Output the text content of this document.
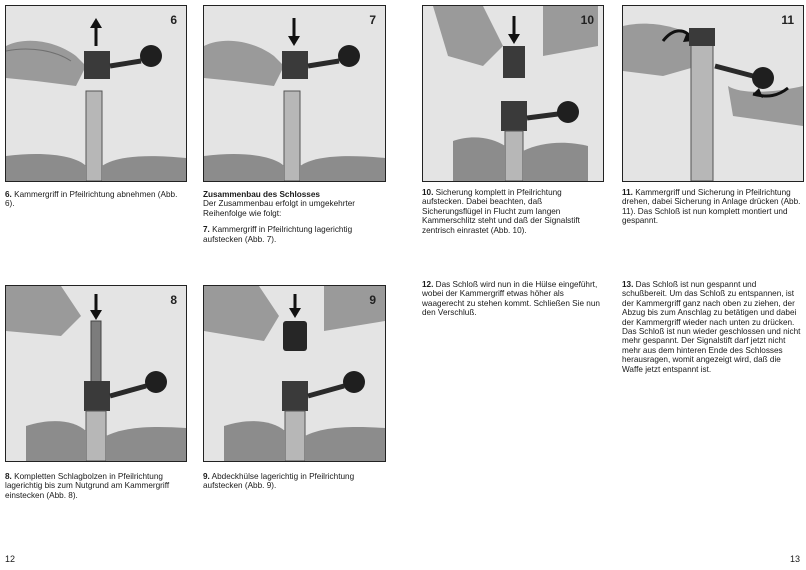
6	7	10	11
8	9
6. Kammergriff in Pfeilrichtung abnehmen (Abb. 6).

Zusammenbau des Schlosses

Der Zusammenbau erfolgt in umgekehrter Reihenfolge wie folgt:

7. Kammergriff in Pfeilrichtung lagerichtig aufstecken (Abb. 7).

10. Sicherung komplett in Pfeilrichtung aufstecken. Dabei beachten, daß Sicherungsflügel in Flucht zum langen Kammerschlitz steht und daß der Signalstift zentrisch einrastet (Abb. 10).
11. Kammergriff und Sicherung in Pfeilrichtung drehen, dabei Sicherung in Anlage drücken (Abb. 11). Das Schloß ist nun komplett montiert und gespannt.
12. Das Schloß wird nun in die Hülse eingeführt, wobei der Kammergriff etwas höher als waagerecht zu stehen kommt. Schließen Sie nun den Verschluß.
13. Das Schloß ist nun gespannt und schußbereit. Um das Schloß zu entspannen, ist der Kammergriff ganz nach oben zu ziehen, der Abzug bis zum Anschlag zu betätigen und dabei der Kammergriff wieder nach unten zu drücken. Das Schloß ist nun wieder geschlossen und nicht mehr gespannt. Der Signalstift darf jetzt nicht mehr aus dem hinteren Ende des Schlosses herausragen, womit angezeigt wird, daß die Waffe jetzt entspannt ist.
8. Kompletten Schlagbolzen in Pfeilrichtung lagerichtig bis zum Nutgrund am Kammergriff einstecken (Abb. 8).
9. Abdeckhülse lagerichtig in Pfeilrichtung aufstecken (Abb. 9).
12	13
